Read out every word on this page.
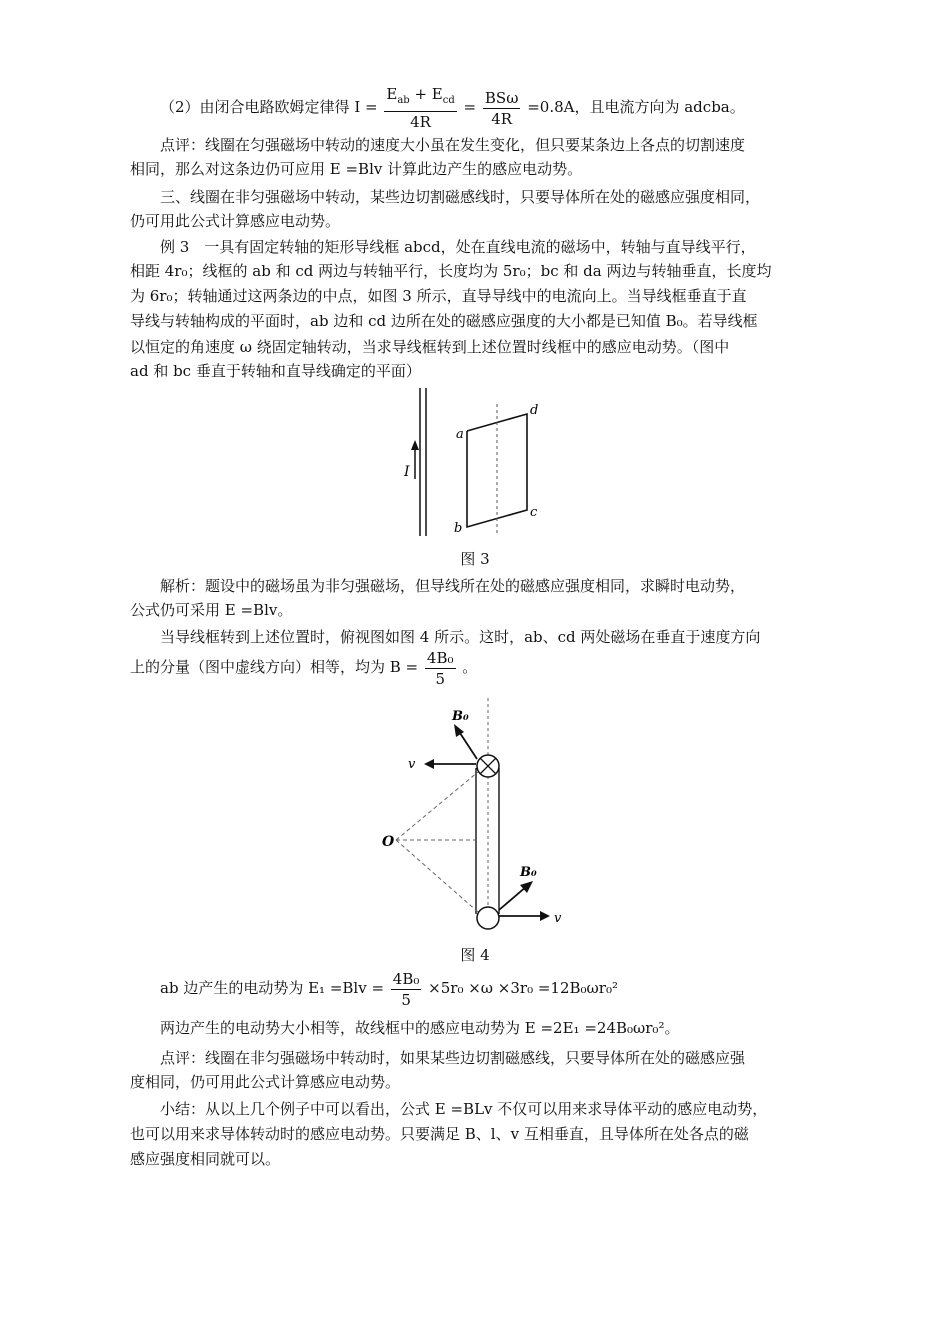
（2）由闭合电路欧姆定律得 $I = \frac{E_{ab} + E_{cd}}{4R} = \frac{\text{BSω}}{4R} =0.8A$，且电流方向为 adcba。
点评：线圈在匀强磁场中转动的速度大小虽在发生变化，但只要某条边上各点的切割速度
相同，那么对这条边仍可应用 E =Blv 计算此边产生的感应电动势。
三、线圈在非匀强磁场中转动，某些边切割磁感线时，只要导体所在处的磁感应强度相同，
仍可用此公式计算感应电动势。
例 3　一具有固定转轴的矩形导线框 abcd，处在直线电流的磁场中，转轴与直导线平行，
相距 4r₀；线框的 ab 和 cd 两边与转轴平行，长度均为 5r₀；bc 和 da 两边与转轴垂直，长度均
为 6r₀；转轴通过这两条边的中点，如图 3 所示，直导导线中的电流向上。当导线框垂直于直
导线与转轴构成的平面时，ab 边和 cd 边所在处的磁感应强度的大小都是已知值 B₀。若导线框
以恒定的角速度 ω 绕固定轴转动，当求导线框转到上述位置时线框中的感应电动势。（图中
ad 和 bc 垂直于转轴和直导线确定的平面）
I
a
b
c
d
图 3
解析：题设中的磁场虽为非匀强磁场，但导线所在处的磁感应强度相同，求瞬时电动势，
公式仍可采用 E =Blv。
当导线框转到上述位置时，俯视图如图 4 所示。这时，ab、cd 两处磁场在垂直于速度方向
上的分量（图中虚线方向）相等，均为 $B = \frac{\text{4B₀}}{5}$ 。
B₀
v
O
B₀
v
图 4
ab 边产生的电动势为 $E_1 =Blv = \frac{\text{4B₀}}{5} \times 5r_0 \times\omega \times 3r_0 =12B_0\omega r_0^2$
两边产生的电动势大小相等，故线框中的感应电动势为 E =2E₁ =24B₀ωr₀²。
点评：线圈在非匀强磁场中转动时，如果某些边切割磁感线，只要导体所在处的磁感应强
度相同，仍可用此公式计算感应电动势。
小结：从以上几个例子中可以看出，公式 E =BLv 不仅可以用来求导体平动的感应电动势，
也可以用来求导体转动时的感应电动势。只要满足 B、l、v 互相垂直，且导体所在处各点的磁
感应强度相同就可以。
